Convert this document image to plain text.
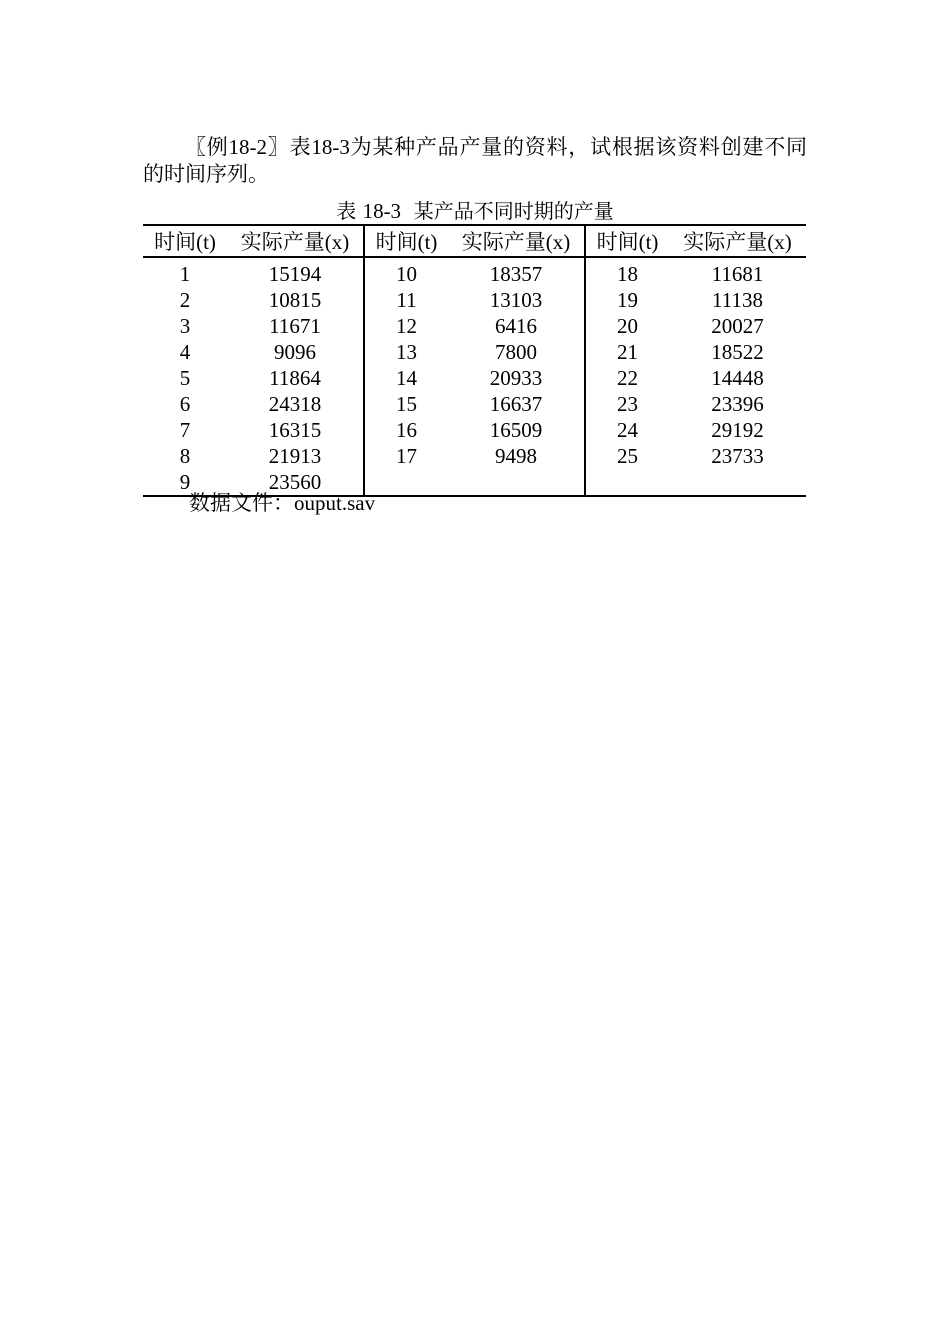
〖例18-2〗表18-3为某种产品产量的资料，试根据该资料创建不同的时间序列。

表 18-3 某产品不同时期的产量
时间(t)	实际产量(x)	时间(t)	实际产量(x)	时间(t)	实际产量(x)
1	15194	10	18357	18	11681
2	10815	11	13103	19	11138
3	11671	12	6416	20	20027
4	9096	13	7800	21	18522
5	11864	14	20933	22	14448
6	24318	15	16637	23	23396
7	16315	16	16509	24	29192
8	21913	17	9498	25	23733
9	23560				

数据文件：ouput.sav
